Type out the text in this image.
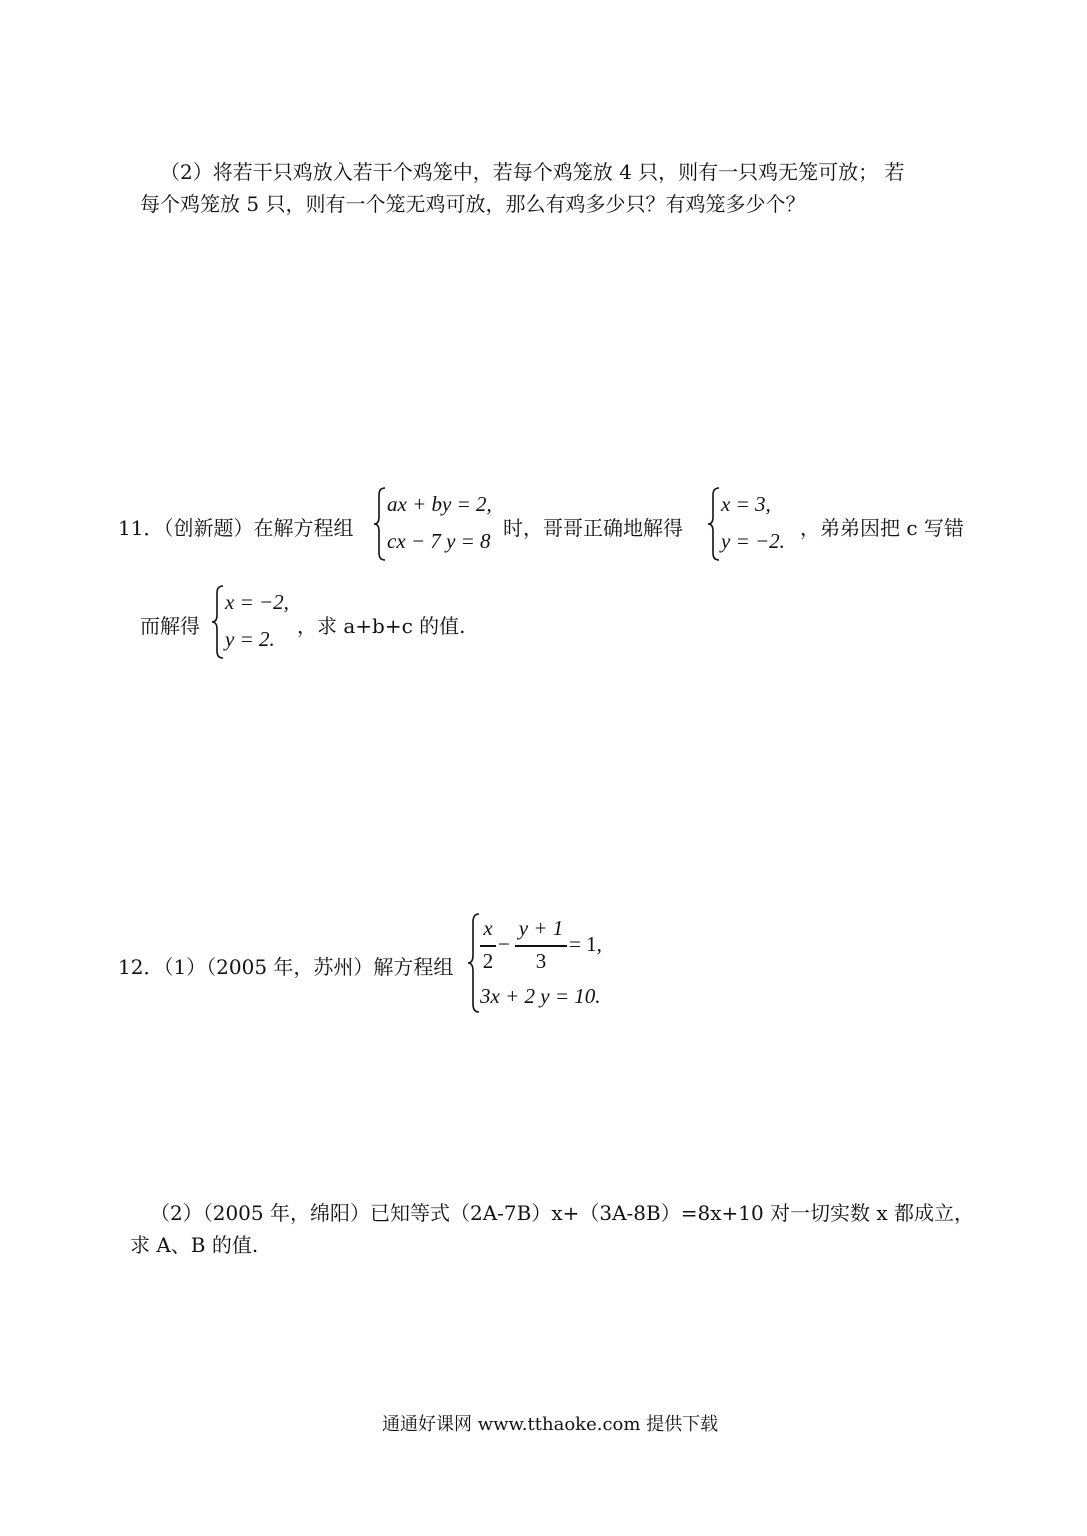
（2）将若干只鸡放入若干个鸡笼中，若每个鸡笼放 4 只，则有一只鸡无笼可放； 若
每个鸡笼放 5 只，则有一个笼无鸡可放，那么有鸡多少只？有鸡笼多少个？
11．（创新题）在解方程组
ax + by = 2,
cx − 7 y = 8
时，哥哥正确地解得
x = 3,
y = −2.
，弟弟因把 c 写错
而解得
x = −2,
y = 2.
，求 a+b+c 的值.
12．（1）（2005 年，苏州）解方程组
x
2
−
y + 1
3
= 1,
3x + 2 y = 10.
（2）（2005 年，绵阳）已知等式（2A-7B）x+（3A-8B）=8x+10 对一切实数 x 都成立，
求 A、B 的值.
通通好课网 www.tthaoke.com 提供下载
